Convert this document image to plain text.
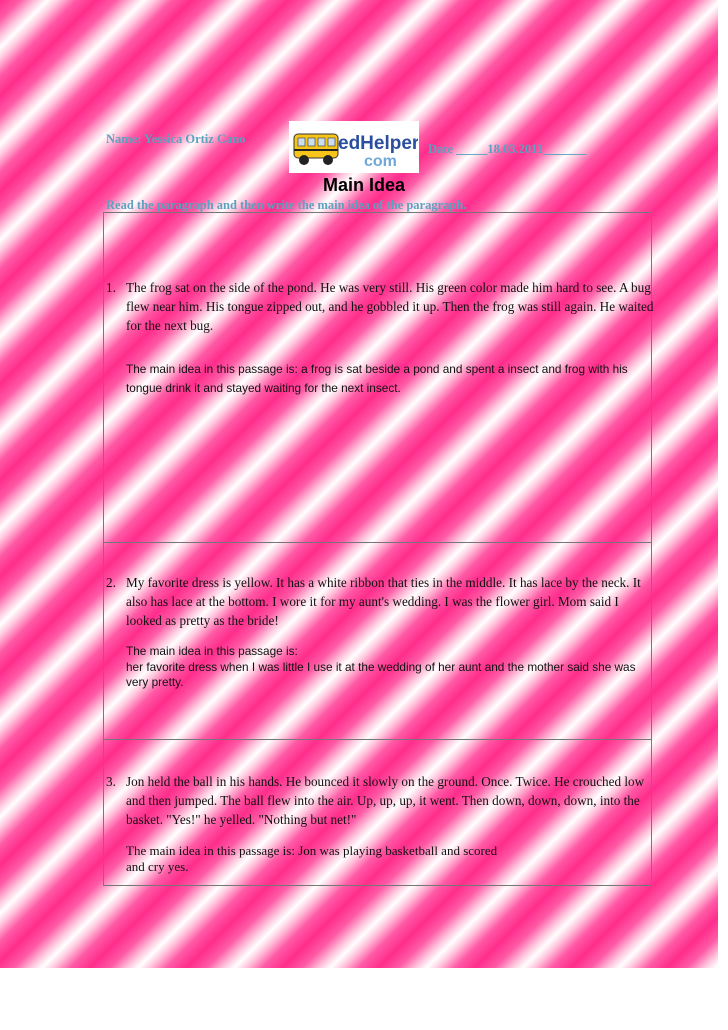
Name: Yessica Ortiz Cano	edHelper
com
Date _____18.03.2011_______
Main Idea
Read the paragraph and then write the main idea of the paragraph.
1. The frog sat on the side of the pond. He was very still. His green color made him hard to see. A bug flew near him. His tongue zipped out, and he gobbled it up. Then the frog was still again. He waited for the next bug.
The main idea in this passage is: a frog is sat beside a pond and spent a insect and frog with his tongue drink it and stayed waiting for the next insect.
2. My favorite dress is yellow. It has a white ribbon that ties in the middle. It has lace by the neck. It also has lace at the bottom. I wore it for my aunt's wedding. I was the flower girl. Mom said I looked as pretty as the bride!
The main idea in this passage is:
her favorite dress when I was little I use it at the wedding of her aunt and the mother said she was very pretty.
3. Jon held the ball in his hands. He bounced it slowly on the ground. Once. Twice. He crouched low and then jumped. The ball flew into the air. Up, up, up, it went. Then down, down, down, into the basket. "Yes!" he yelled. "Nothing but net!"
The main idea in this passage is: Jon was playing basketball and scored
and cry yes.
